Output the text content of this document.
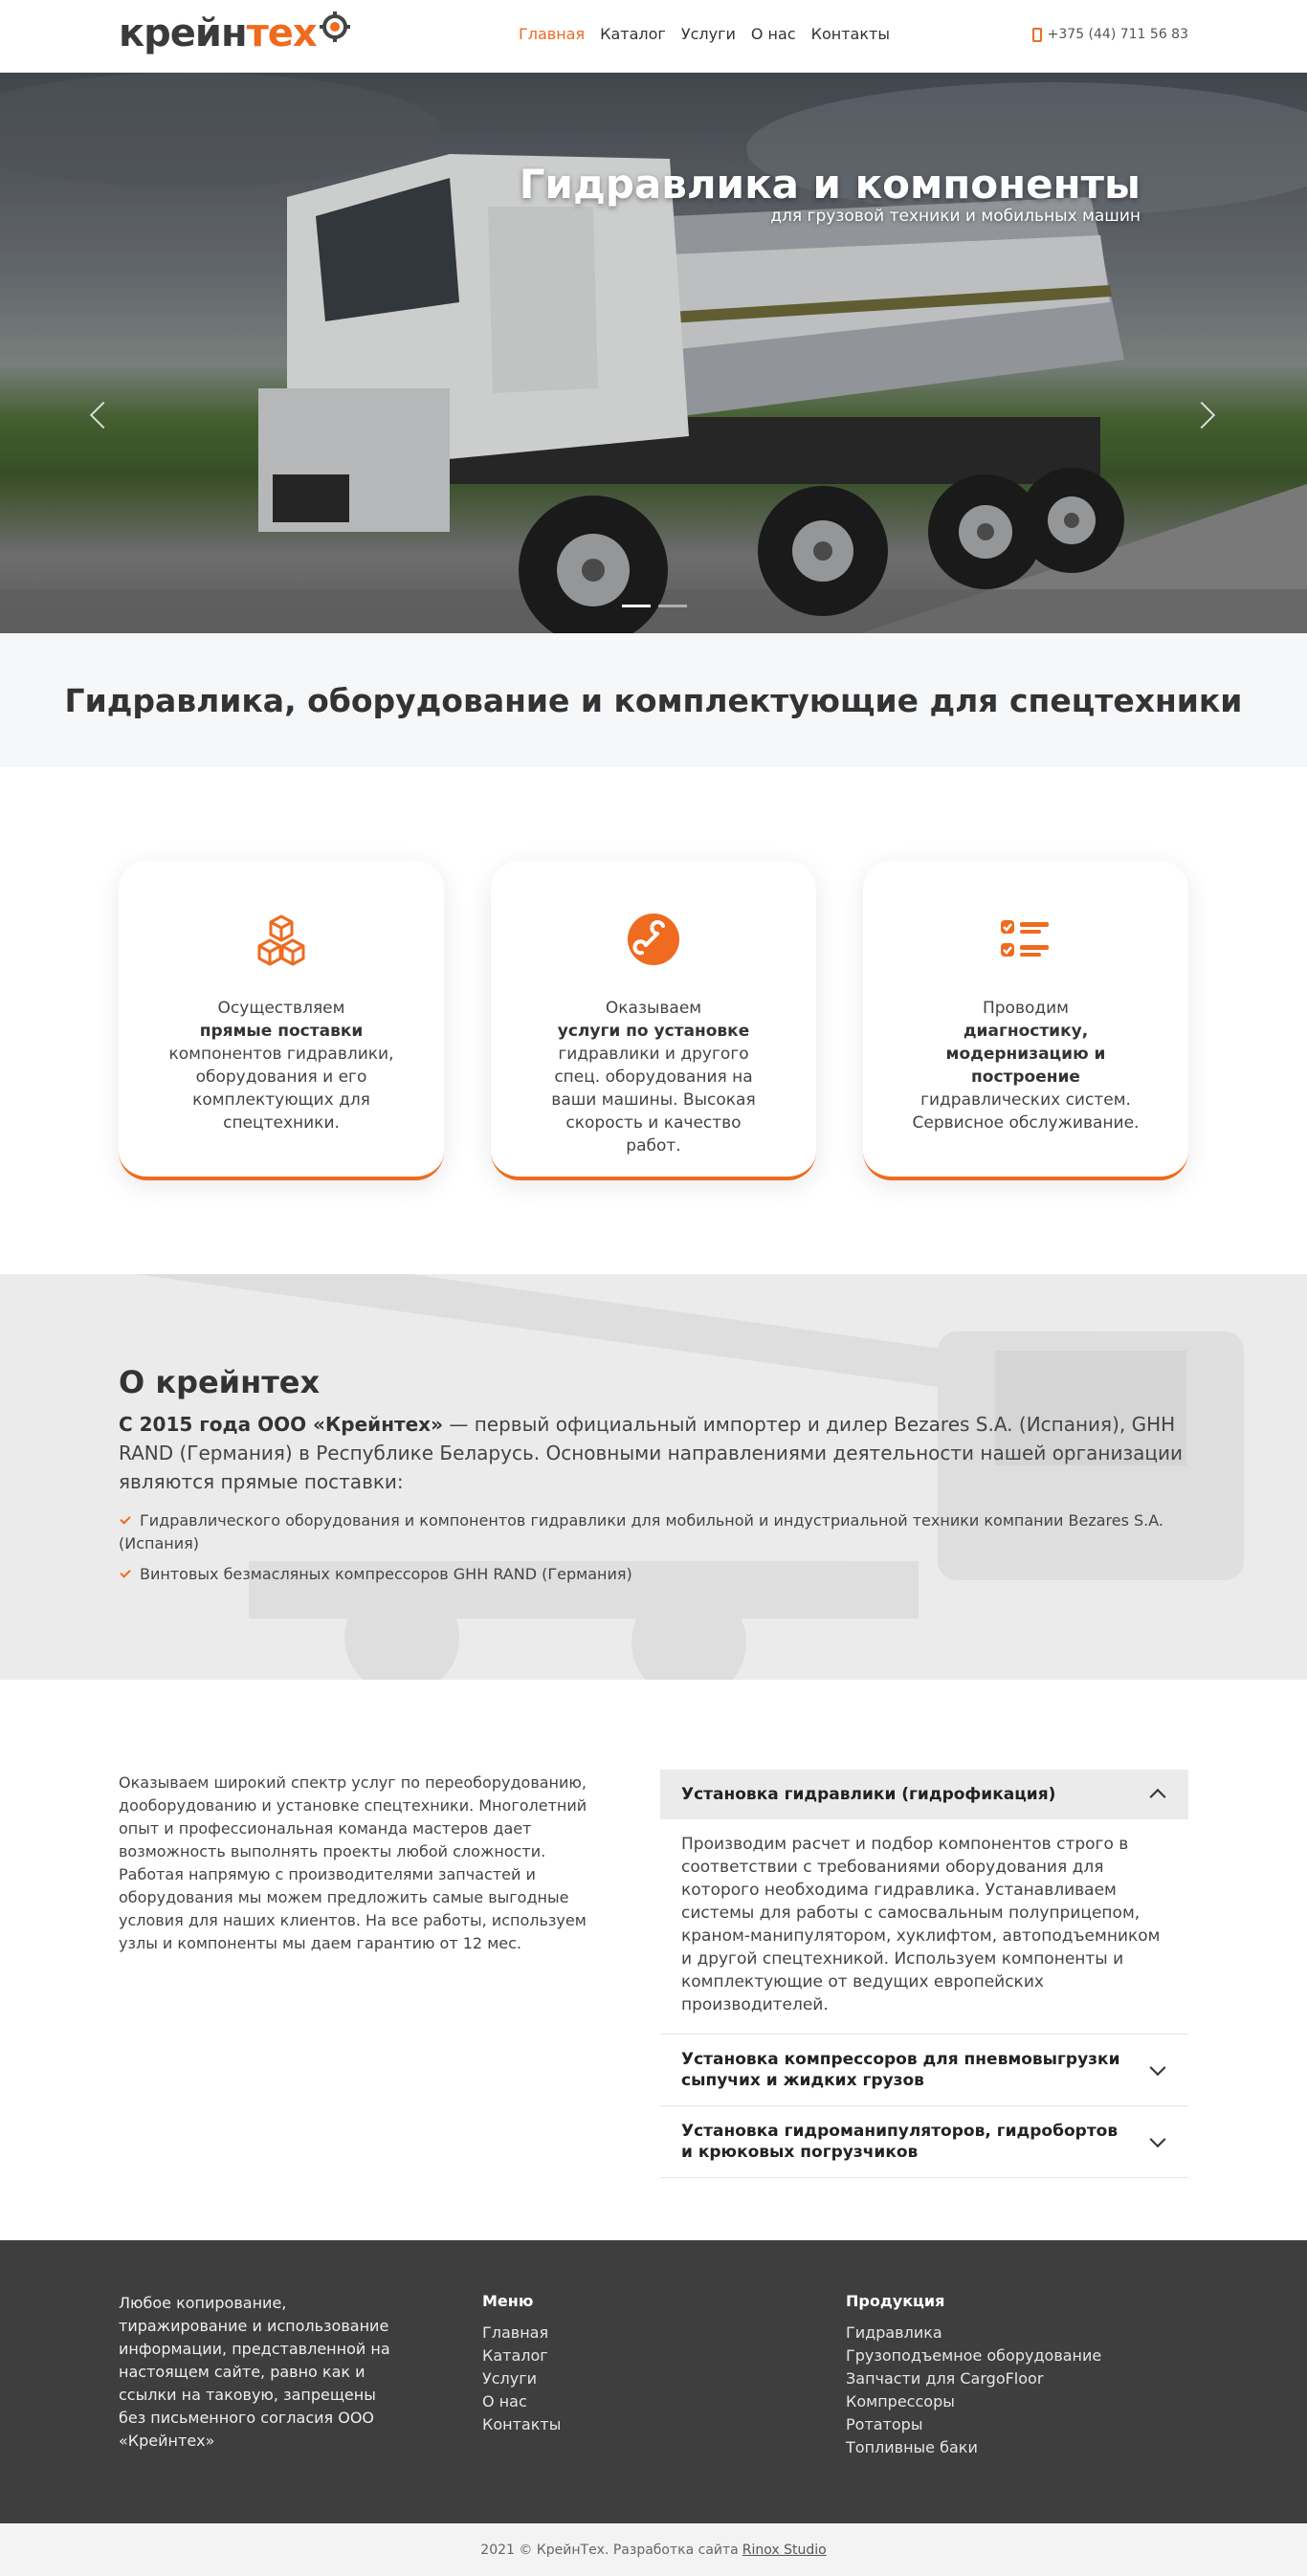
крейнтех	Главная Каталог Услуги О нас Контакты	+375 (44) 711 56 83
Гидравлика и компоненты
для грузовой техники и мобильных машин
Гидравлика, оборудование и комплектующие для спецтехники

Осуществляем
прямые поставки
компонентов гидравлики, оборудования и его комплектующих для спецтехники.

Оказываем
услуги по установке
гидравлики и другого спец. оборудования на ваши машины. Высокая скорость и качество работ.

Проводим
диагностику, модернизацию и построение
гидравлических систем. Сервисное обслуживание.

О крейнтех

С 2015 года ООО «Крейнтех» — первый официальный импортер и дилер Bezares S.A. (Испания), GHH RAND (Германия) в Республике Беларусь. Основными направлениями деятельности нашей организации являются прямые поставки:

Гидравлического оборудования и компонентов гидравлики для мобильной и индустриальной техники компании Bezares S.A. (Испания)
Винтовых безмасляных компрессоров GHH RAND (Германия)

Оказываем широкий спектр услуг по переоборудованию, дооборудованию и установке спецтехники. Многолетний опыт и профессиональная команда мастеров дает возможность выполнять проекты любой сложности. Работая напрямую с производителями запчастей и оборудования мы можем предложить самые выгодные условия для наших клиентов. На все работы, используем узлы и компоненты мы даем гарантию от 12 мес.

Установка гидравлики (гидрофикация)
Производим расчет и подбор компонентов строго в соответствии с требованиями оборудования для которого необходима гидравлика. Устанавливаем системы для работы с самосвальным полуприцепом, краном-манипулятором, хуклифтом, автоподъемником и другой спецтехникой. Используем компоненты и комплектующие от ведущих европейских производителей.
Установка компрессоров для пневмовыгрузки сыпучих и жидких грузов
Установка гидроманипуляторов, гидробортов и крюковых погрузчиков

Любое копирование, тиражирование и использование информации, представленной на настоящем сайте, равно как и ссылки на таковую, запрещены без письменного согласия ООО «Крейнтех»

Меню
Главная
Каталог
Услуги
О нас
Контакты
Продукция
Гидравлика
Грузоподъемное оборудование
Запчасти для CargoFloor
Компрессоры
Ротаторы
Топливные баки
2021 © КрейнТех. Разработка сайта Rinox Studio
